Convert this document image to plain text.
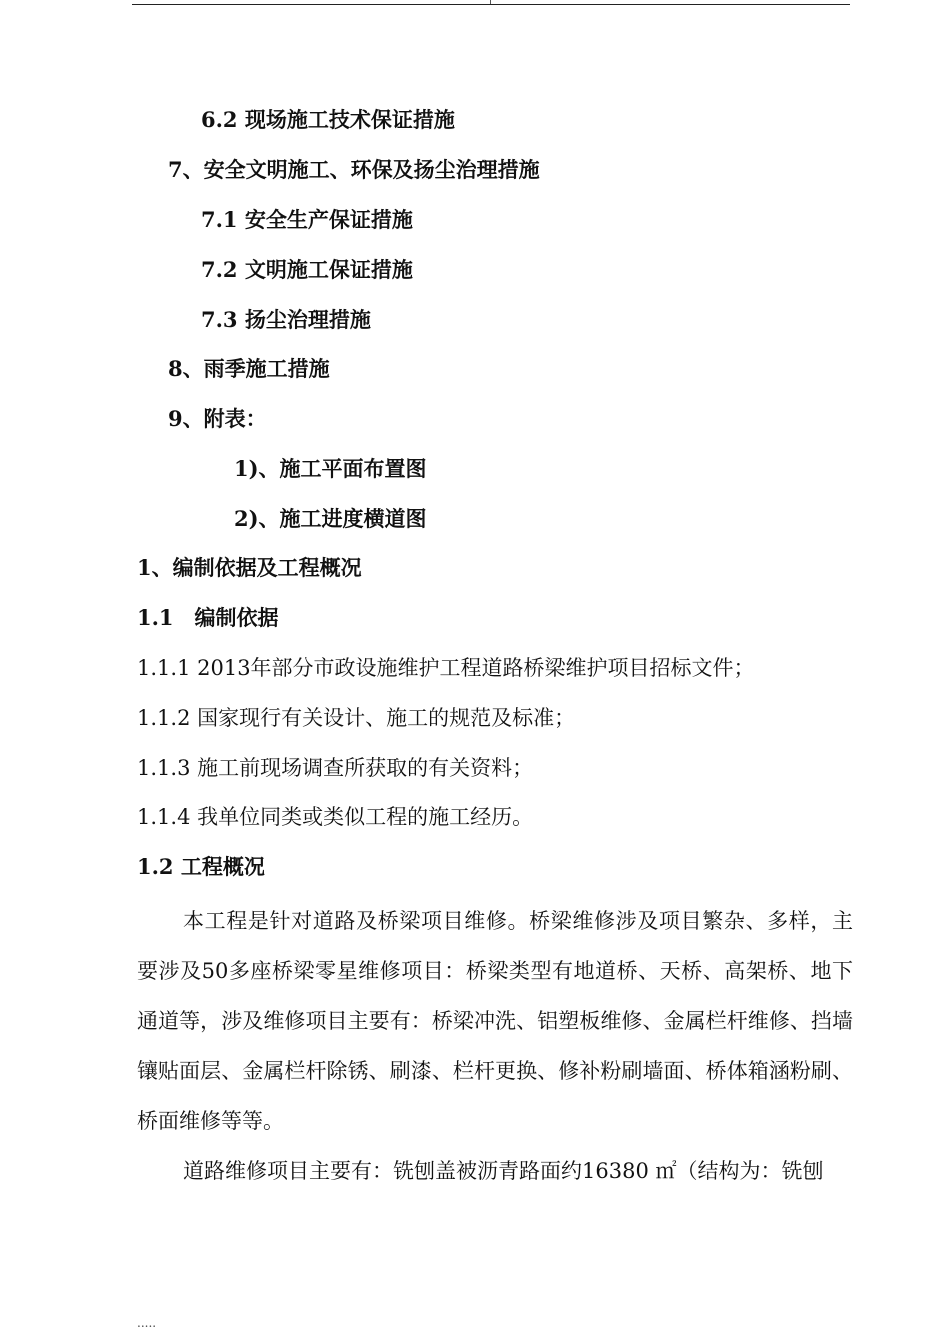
6.2 现场施工技术保证措施
7、安全文明施工、环保及扬尘治理措施
7.1 安全生产保证措施
7.2 文明施工保证措施
7.3 扬尘治理措施
8、雨季施工措施
9、附表：
1)、施工平面布置图
2)、施工进度横道图
1、编制依据及工程概况
1.1　编制依据
1.1.1 2013年部分市政设施维护工程道路桥梁维护项目招标文件；
1.1.2 国家现行有关设计、施工的规范及标准；
1.1.3 施工前现场调查所获取的有关资料；
1.1.4 我单位同类或类似工程的施工经历。
1.2 工程概况

本工程是针对道路及桥梁项目维修。桥梁维修涉及项目繁杂、多样，主要涉及50多座桥梁零星维修项目：桥梁类型有地道桥、天桥、高架桥、地下通道等，涉及维修项目主要有：桥梁冲洗、铝塑板维修、金属栏杆维修、挡墙镶贴面层、金属栏杆除锈、刷漆、栏杆更换、修补粉刷墙面、桥体箱涵粉刷、桥面维修等等。

道路维修项目主要有：铣刨盖被沥青路面约16380 ㎡（结构为：铣刨

.....
